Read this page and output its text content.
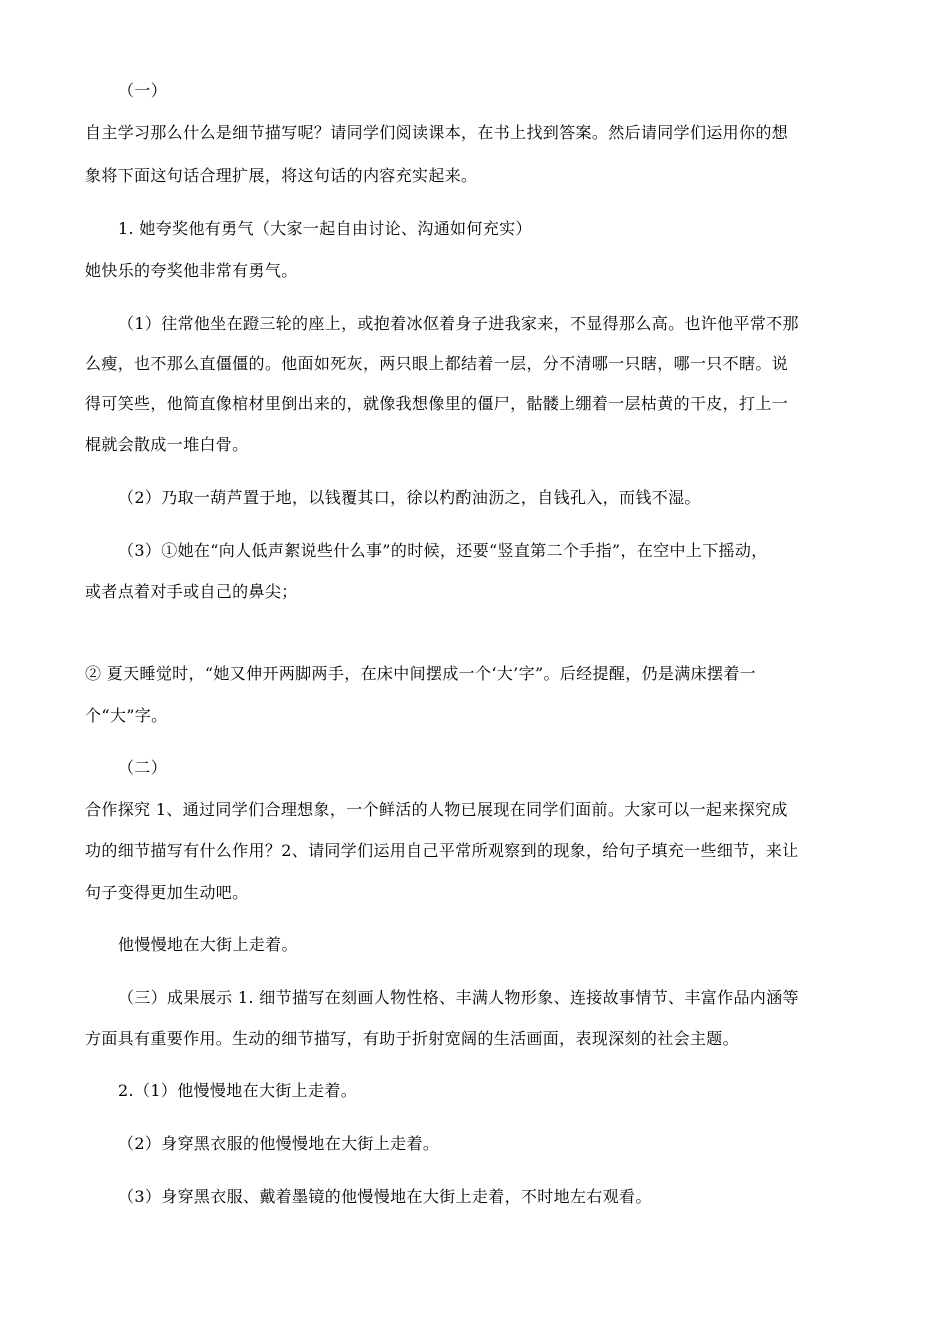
（一）
自主学习那么什么是细节描写呢？请同学们阅读课本，在书上找到答案。然后请同学们运用你的想
象将下面这句话合理扩展，将这句话的内容充实起来。
1. 她夸奖他有勇气（大家一起自由讨论、沟通如何充实）
她快乐的夸奖他非常有勇气。
（1）往常他坐在蹬三轮的座上，或抱着冰伛着身子进我家来，不显得那么高。也许他平常不那
么瘦，也不那么直僵僵的。他面如死灰，两只眼上都结着一层，分不清哪一只瞎，哪一只不瞎。说
得可笑些，他简直像棺材里倒出来的，就像我想像里的僵尸，骷髅上绷着一层枯黄的干皮，打上一
棍就会散成一堆白骨。
（2）乃取一葫芦置于地，以钱覆其口，徐以杓酌油沥之，自钱孔入，而钱不湿。
（3）①她在“向人低声絮说些什么事”的时候，还要“竖直第二个手指”，在空中上下摇动，
或者点着对手或自己的鼻尖；
② 夏天睡觉时，“她又伸开两脚两手，在床中间摆成一个‘大’字”。后经提醒，仍是满床摆着一
个“大”字。
（二）
合作探究 1、通过同学们合理想象，一个鲜活的人物已展现在同学们面前。大家可以一起来探究成
功的细节描写有什么作用？2、请同学们运用自己平常所观察到的现象，给句子填充一些细节，来让
句子变得更加生动吧。
他慢慢地在大街上走着。
（三）成果展示 1. 细节描写在刻画人物性格、丰满人物形象、连接故事情节、丰富作品内涵等
方面具有重要作用。生动的细节描写，有助于折射宽阔的生活画面，表现深刻的社会主题。
2.（1）他慢慢地在大街上走着。
（2）身穿黑衣服的他慢慢地在大街上走着。
（3）身穿黑衣服、戴着墨镜的他慢慢地在大街上走着，不时地左右观看。
